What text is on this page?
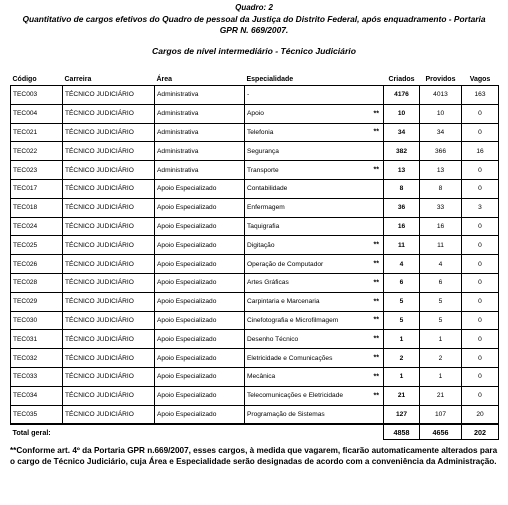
Quadro: 2
Quantitativo de cargos efetivos do Quadro de pessoal da Justiça do Distrito Federal, após enquadramento - Portaria GPR N. 669/2007.
Cargos de nível intermediário - Técnico Judiciário
Código	Carreira	Área	Especialidade	Criados	Providos	Vagos
TEC003	TÉCNICO JUDICIÁRIO	Administrativa	-	4176	4013	163
TEC004	TÉCNICO JUDICIÁRIO	Administrativa	Apoio **	10	10	0
TEC021	TÉCNICO JUDICIÁRIO	Administrativa	Telefonia **	34	34	0
TEC022	TÉCNICO JUDICIÁRIO	Administrativa	Segurança	382	366	16
TEC023	TÉCNICO JUDICIÁRIO	Administrativa	Transporte **	13	13	0
TEC017	TÉCNICO JUDICIÁRIO	Apoio Especializado	Contabilidade	8	8	0
TEC018	TÉCNICO JUDICIÁRIO	Apoio Especializado	Enfermagem	36	33	3
TEC024	TÉCNICO JUDICIÁRIO	Apoio Especializado	Taquigrafia	16	16	0
TEC025	TÉCNICO JUDICIÁRIO	Apoio Especializado	Digitação **	11	11	0
TEC026	TÉCNICO JUDICIÁRIO	Apoio Especializado	Operação de Computador **	4	4	0
TEC028	TÉCNICO JUDICIÁRIO	Apoio Especializado	Artes Gráficas **	6	6	0
TEC029	TÉCNICO JUDICIÁRIO	Apoio Especializado	Carpintaria e Marcenaria **	5	5	0
TEC030	TÉCNICO JUDICIÁRIO	Apoio Especializado	Cinefotografia e Microfilmagem **	5	5	0
TEC031	TÉCNICO JUDICIÁRIO	Apoio Especializado	Desenho Técnico **	1	1	0
TEC032	TÉCNICO JUDICIÁRIO	Apoio Especializado	Eletricidade e Comunicações **	2	2	0
TEC033	TÉCNICO JUDICIÁRIO	Apoio Especializado	Mecânica **	1	1	0
TEC034	TÉCNICO JUDICIÁRIO	Apoio Especializado	Telecomunicações e Eletricidade **	21	21	0
TEC035	TÉCNICO JUDICIÁRIO	Apoio Especializado	Programação de Sistemas	127	107	20
Total geral:				4858	4656	202
**Conforme art. 4º da Portaria GPR n.669/2007, esses cargos, à medida que vagarem, ficarão automaticamente alterados para o cargo de Técnico Judiciário, cuja Área e Especialidade serão designadas de acordo com a conveniência da Administração.
